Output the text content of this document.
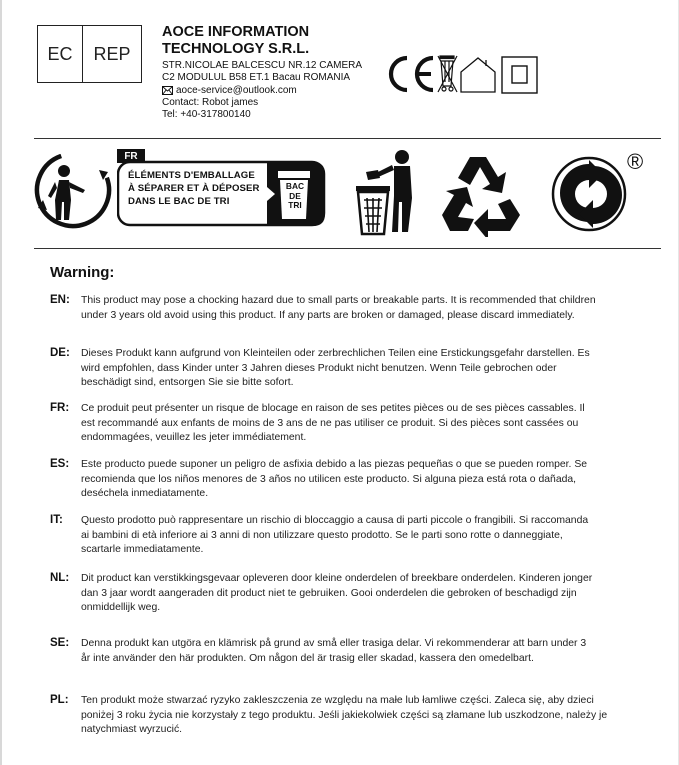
EC	REP
AOCE INFORMATION
TECHNOLOGY S.R.L.
STR.NICOLAE BALCESCU NR.12 CAMERA
C2 MODULUL B58 ET.1 Bacau ROMANIA
aoce-service@outlook.com
Contact: Robot james
Tel: +40-317800140
FR
ÉLÉMENTS D'EMBALLAGE
À SÉPARER ET À DÉPOSER
DANS LE BAC DE TRI
BAC
DE
TRI
®
Warning:
EN:	This product may pose a chocking hazard due to small parts or breakable parts. It is recommended that children
under 3 years old avoid using this product. If any parts are broken or damaged, please discard immediately.
DE:	Dieses Produkt kann aufgrund von Kleinteilen oder zerbrechlichen Teilen eine Erstickungsgefahr darstellen. Es
wird empfohlen, dass Kinder unter 3 Jahren dieses Produkt nicht benutzen. Wenn Teile gebrochen oder
beschädigt sind, entsorgen Sie sie bitte sofort.
FR:	Ce produit peut présenter un risque de blocage en raison de ses petites pièces ou de ses pièces cassables. Il
est recommandé aux enfants de moins de 3 ans de ne pas utiliser ce produit. Si des pièces sont cassées ou
endommagées, veuillez les jeter immédiatement.
ES:	Este producto puede suponer un peligro de asfixia debido a las piezas pequeñas o que se pueden romper. Se
recomienda que los niños menores de 3 años no utilicen este producto. Si alguna pieza está rota o dañada,
deséchela inmediatamente.
IT:	Questo prodotto può rappresentare un rischio di bloccaggio a causa di parti piccole o frangibili. Si raccomanda
ai bambini di età inferiore ai 3 anni di non utilizzare questo prodotto. Se le parti sono rotte o danneggiate,
scartarle immediatamente.
NL:	Dit product kan verstikkingsgevaar opleveren door kleine onderdelen of breekbare onderdelen. Kinderen jonger
dan 3 jaar wordt aangeraden dit product niet te gebruiken. Gooi onderdelen die gebroken of beschadigd zijn
onmiddellijk weg.
SE:	Denna produkt kan utgöra en klämrisk på grund av små eller trasiga delar. Vi rekommenderar att barn under 3
år inte använder den här produkten. Om någon del är trasig eller skadad, kassera den omedelbart.
PL:	Ten produkt może stwarzać ryzyko zakleszczenia ze względu na małe lub łamliwe części. Zaleca się, aby dzieci
poniżej 3 roku życia nie korzystały z tego produktu. Jeśli jakiekolwiek części są złamane lub uszkodzone, należy je
natychmiast wyrzucić.
